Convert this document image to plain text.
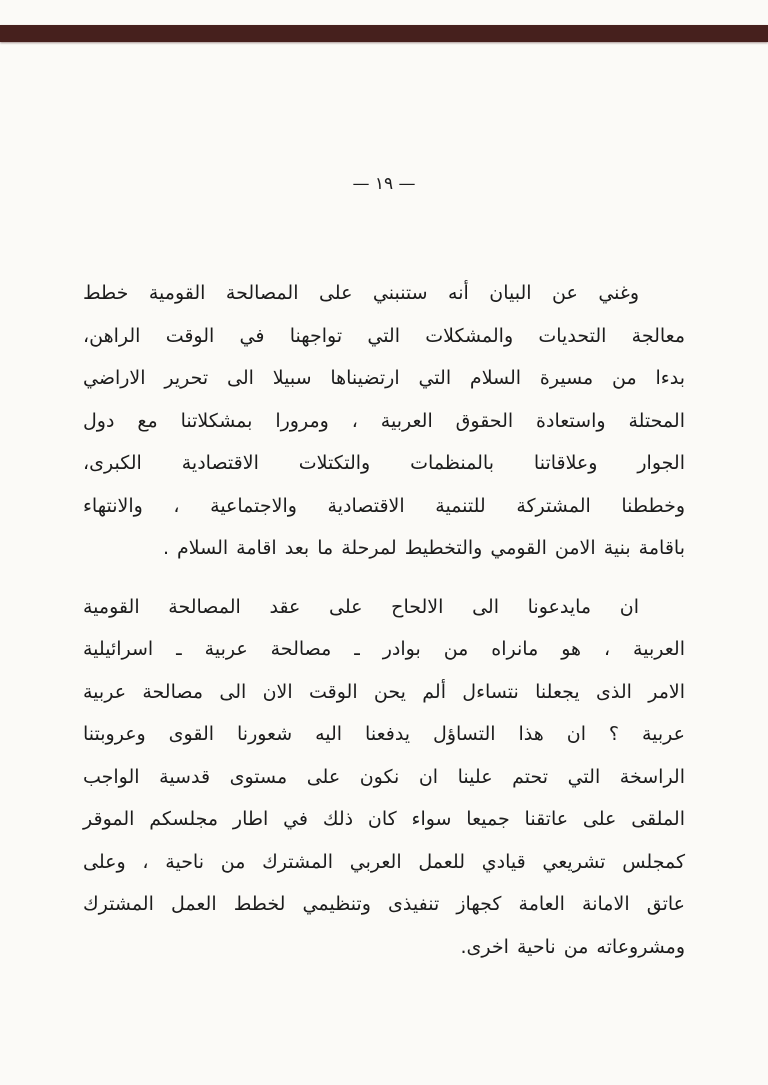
— ١٩ —
وغني عن البيان أنه ستنبني على المصالحة القومية خطط
معالجة التحديات والمشكلات التي تواجهنا في الوقت الراهن،
بدءا من مسيرة السلام التي ارتضيناها سبيلا الى تحرير الاراضي
المحتلة واستعادة الحقوق العربية ، ومرورا بمشكلاتنا مع دول
الجوار وعلاقاتنا بالمنظمات والتكتلات الاقتصادية الكبرى،
وخططنا المشتركة للتنمية الاقتصادية والاجتماعية ، والانتهاء
باقامة بنية الامن القومي والتخطيط لمرحلة ما بعد اقامة السلام .
ان مايدعونا الى الالحاح على عقد المصالحة القومية
العربية ، هو مانراه من بوادر ـ مصالحة عربية ـ اسرائيلية
الامر الذى يجعلنا نتساءل ألم يحن الوقت الان الى مصالحة عربية
عربية ؟ ان هذا التساؤل يدفعنا اليه شعورنا القوى وعروبتنا
الراسخة التي تحتم علينا ان نكون على مستوى قدسية الواجب
الملقى على عاتقنا جميعا سواء كان ذلك في اطار مجلسكم الموقر
كمجلس تشريعي قيادي للعمل العربي المشترك من ناحية ، وعلى
عاتق الامانة العامة كجهاز تنفيذى وتنظيمي لخطط العمل المشترك
ومشروعاته من ناحية اخرى.
